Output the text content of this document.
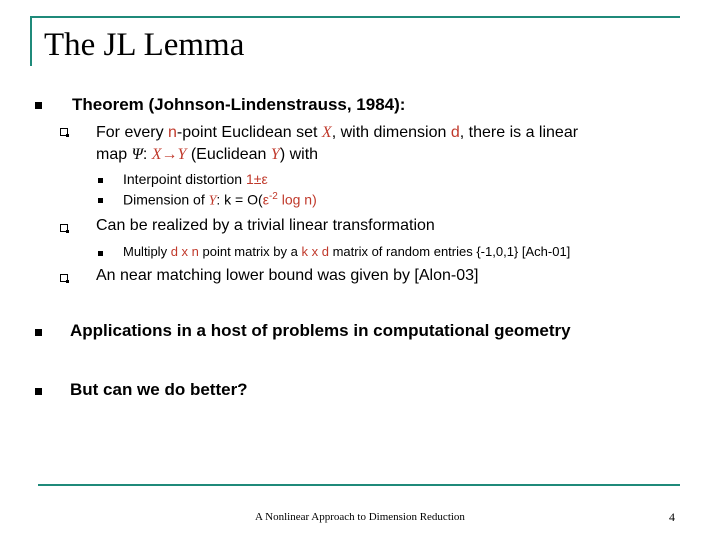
The JL Lemma
Theorem (Johnson-Lindenstrauss, 1984):
For every n-point Euclidean set X, with dimension d, there is a linear
map Ψ: X→Y (Euclidean Y) with
Interpoint distortion 1±ε
Dimension of Y: $k = O(\varepsilon^{-2}$ log n)
Can be realized by a trivial linear transformation
Multiply d x n point matrix by a k x d matrix of random entries {-1,0,1} [Ach-01]
An near matching lower bound was given by [Alon-03]
Applications in a host of problems in computational geometry
But can we do better?
A Nonlinear Approach to Dimension Reduction	4
